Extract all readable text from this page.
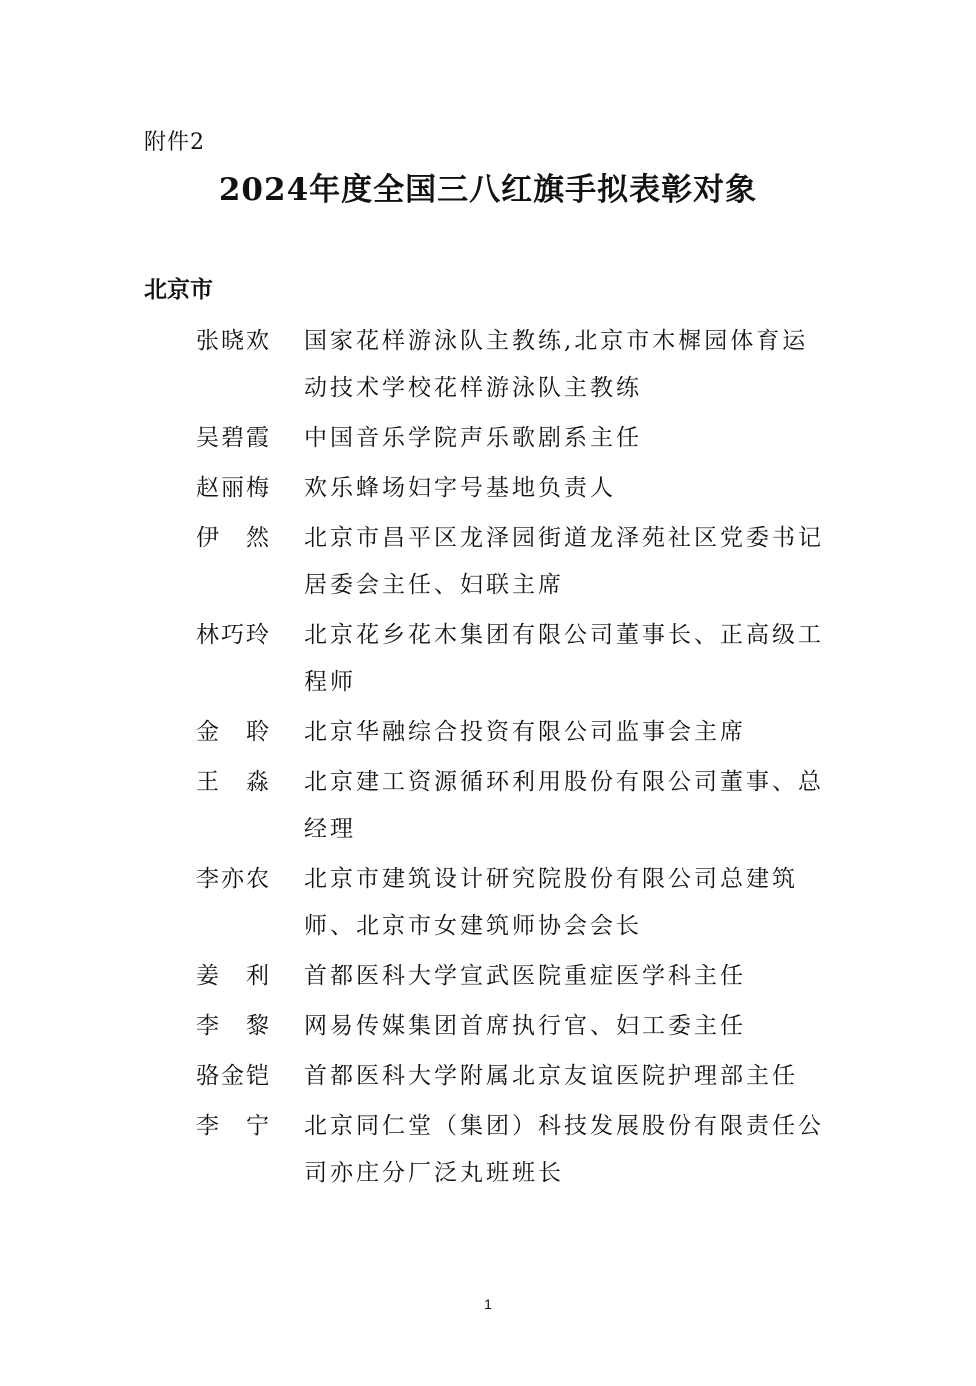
附件2
2024年度全国三八红旗手拟表彰对象
北京市
张晓欢	国家花样游泳队主教练,北京市木樨园体育运动技术学校花样游泳队主教练
吴碧霞	中国音乐学院声乐歌剧系主任
赵丽梅	欢乐蜂场妇字号基地负责人
伊　然	北京市昌平区龙泽园街道龙泽苑社区党委书记居委会主任、妇联主席
林巧玲	北京花乡花木集团有限公司董事长、正高级工程师
金　聆	北京华融综合投资有限公司监事会主席
王　淼	北京建工资源循环利用股份有限公司董事、总经理
李亦农	北京市建筑设计研究院股份有限公司总建筑师、北京市女建筑师协会会长
姜　利	首都医科大学宣武医院重症医学科主任
李　黎	网易传媒集团首席执行官、妇工委主任
骆金铠	首都医科大学附属北京友谊医院护理部主任
李　宁	北京同仁堂（集团）科技发展股份有限责任公司亦庄分厂泛丸班班长
1
